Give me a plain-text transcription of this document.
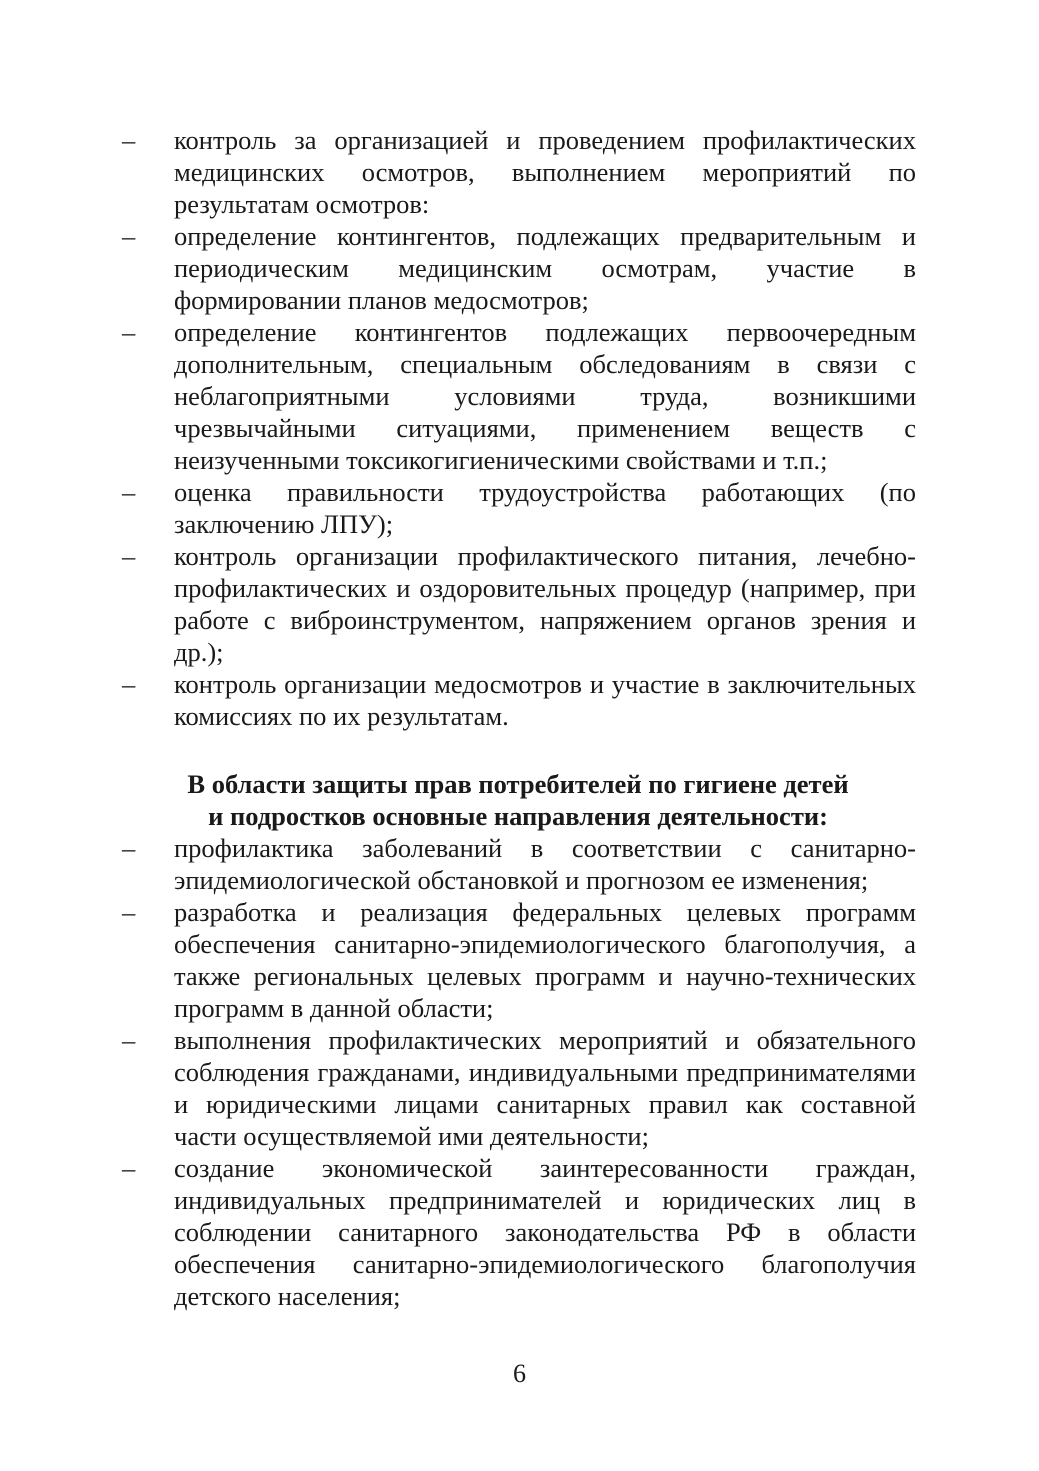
–	контроль за организацией и проведением профилактических медицинских осмотров, выполнением мероприятий по результатам осмотров:
–	определение контингентов, подлежащих предварительным и периодическим медицинским осмотрам, участие в формировании планов медосмотров;
–	определение контингентов подлежащих первоочередным дополнительным, специальным обследованиям в связи с неблагоприятными условиями труда, возникшими чрезвычайными ситуациями, применением веществ с неизученными токсикогигиеническими свойствами и т.п.;
–	оценка правильности трудоустройства работающих (по заключению ЛПУ);
–	контроль организации профилактического питания, лечебно-профилактических и оздоровительных процедур (например, при работе с виброинструментом, напряжением органов зрения и др.);
–	контроль организации медосмотров и участие в заключительных комиссиях по их результатам.
В области защиты прав потребителей по гигиене детей
и подростков основные направления деятельности:
–	профилактика заболеваний в соответствии с санитарно-эпидемиологической обстановкой и прогнозом ее изменения;
–	разработка и реализация федеральных целевых программ обеспечения санитарно-эпидемиологического благополучия, а также региональных целевых программ и научно-технических программ в данной области;
–	выполнения профилактических мероприятий и обязательного соблюдения гражданами, индивидуальными предпринимателями и юридическими лицами санитарных правил как составной части осуществляемой ими деятельности;
–	создание экономической заинтересованности граждан, индивидуальных предпринимателей и юридических лиц в соблюдении санитарного законодательства РФ в области обеспечения санитарно-эпидемиологического благополучия детского населения;
6
